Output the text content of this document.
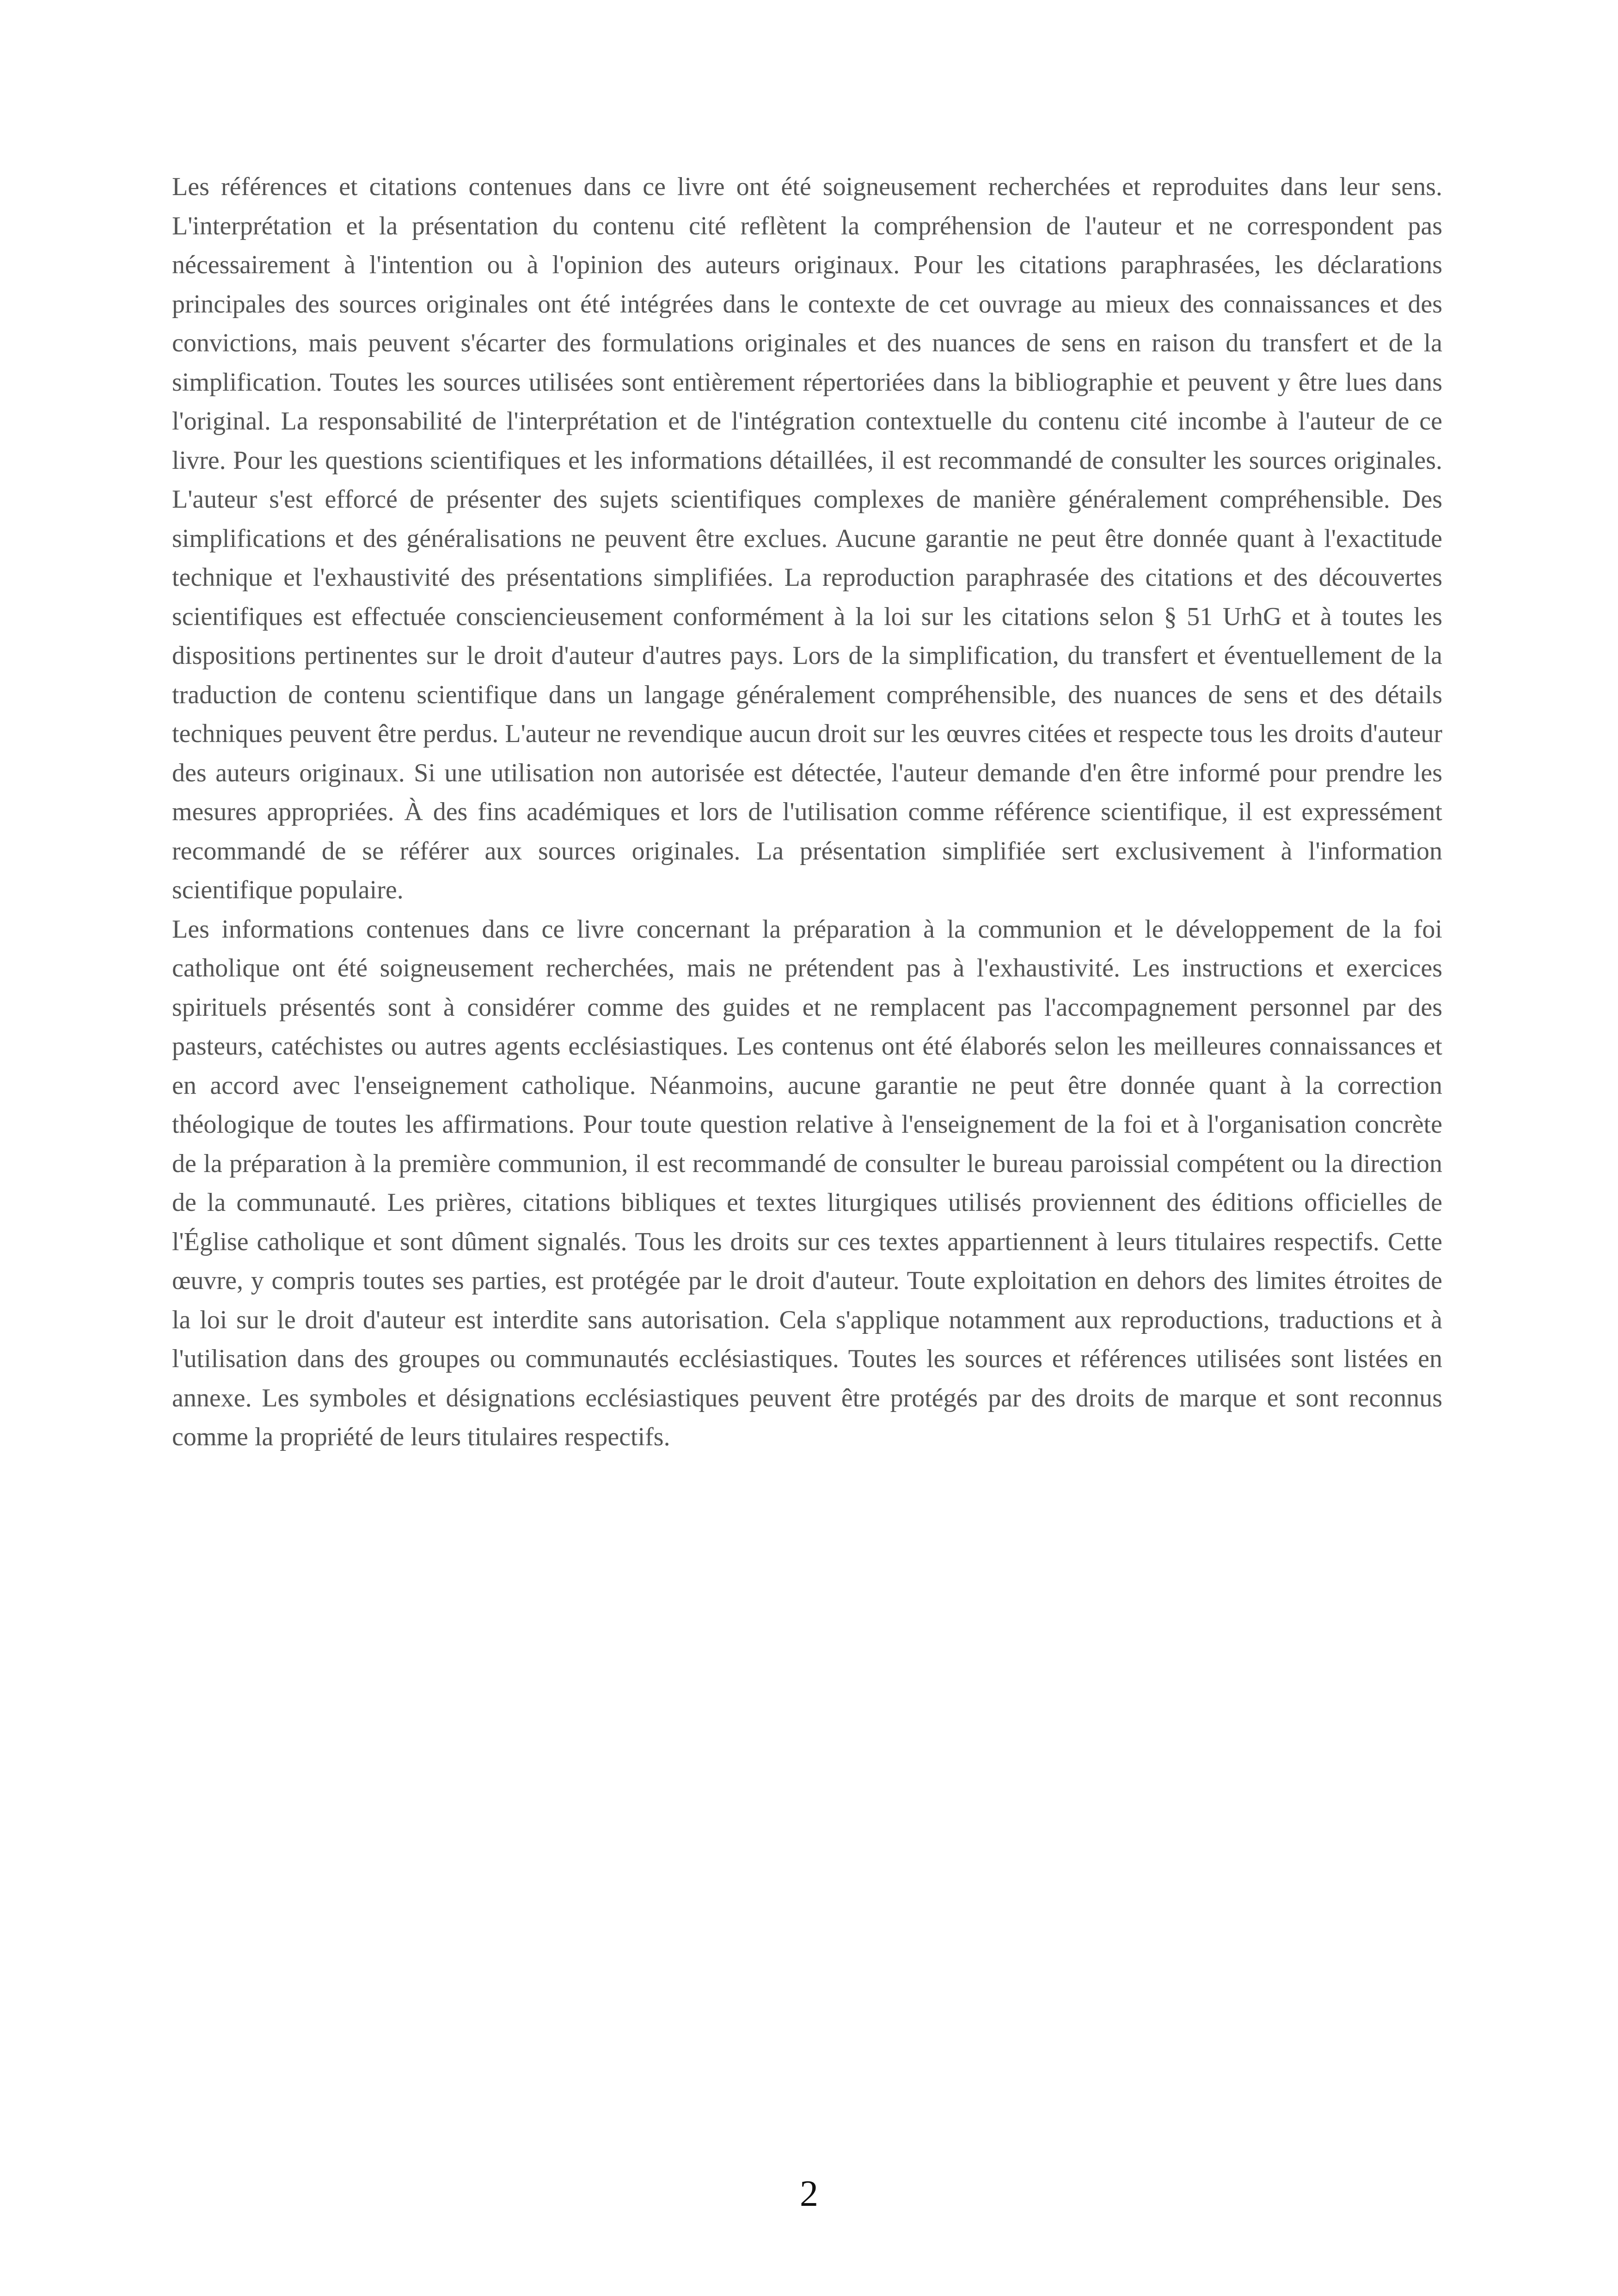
Les références et citations contenues dans ce livre ont été soigneusement recherchées et reproduites dans leur sens. L'interprétation et la présentation du contenu cité reflètent la compréhension de l'auteur et ne correspondent pas nécessairement à l'intention ou à l'opinion des auteurs originaux. Pour les citations paraphrasées, les déclarations principales des sources originales ont été intégrées dans le contexte de cet ouvrage au mieux des connaissances et des convictions, mais peuvent s'écarter des formulations originales et des nuances de sens en raison du transfert et de la simplification. Toutes les sources utilisées sont entièrement répertoriées dans la bibliographie et peuvent y être lues dans l'original. La responsabilité de l'interprétation et de l'intégration contextuelle du contenu cité incombe à l'auteur de ce livre. Pour les questions scientifiques et les informations détaillées, il est recommandé de consulter les sources originales. L'auteur s'est efforcé de présenter des sujets scientifiques complexes de manière généralement compréhensible. Des simplifications et des généralisations ne peuvent être exclues. Aucune garantie ne peut être donnée quant à l'exactitude technique et l'exhaustivité des présentations simplifiées. La reproduction paraphrasée des citations et des découvertes scientifiques est effectuée consciencieusement conformément à la loi sur les citations selon § 51 UrhG et à toutes les dispositions pertinentes sur le droit d'auteur d'autres pays. Lors de la simplification, du transfert et éventuellement de la traduction de contenu scientifique dans un langage généralement compréhensible, des nuances de sens et des détails techniques peuvent être perdus. L'auteur ne revendique aucun droit sur les œuvres citées et respecte tous les droits d'auteur des auteurs originaux. Si une utilisation non autorisée est détectée, l'auteur demande d'en être informé pour prendre les mesures appropriées. À des fins académiques et lors de l'utilisation comme référence scientifique, il est expressément recommandé de se référer aux sources originales. La présentation simplifiée sert exclusivement à l'information scientifique populaire.

Les informations contenues dans ce livre concernant la préparation à la communion et le développement de la foi catholique ont été soigneusement recherchées, mais ne prétendent pas à l'exhaustivité. Les instructions et exercices spirituels présentés sont à considérer comme des guides et ne remplacent pas l'accompagnement personnel par des pasteurs, catéchistes ou autres agents ecclésiastiques. Les contenus ont été élaborés selon les meilleures connaissances et en accord avec l'enseignement catholique. Néanmoins, aucune garantie ne peut être donnée quant à la correction théologique de toutes les affirmations. Pour toute question relative à l'enseignement de la foi et à l'organisation concrète de la préparation à la première communion, il est recommandé de consulter le bureau paroissial compétent ou la direction de la communauté. Les prières, citations bibliques et textes liturgiques utilisés proviennent des éditions officielles de l'Église catholique et sont dûment signalés. Tous les droits sur ces textes appartiennent à leurs titulaires respectifs. Cette œuvre, y compris toutes ses parties, est protégée par le droit d'auteur. Toute exploitation en dehors des limites étroites de la loi sur le droit d'auteur est interdite sans autorisation. Cela s'applique notamment aux reproductions, traductions et à l'utilisation dans des groupes ou communautés ecclésiastiques. Toutes les sources et références utilisées sont listées en annexe. Les symboles et désignations ecclésiastiques peuvent être protégés par des droits de marque et sont reconnus comme la propriété de leurs titulaires respectifs.

2
